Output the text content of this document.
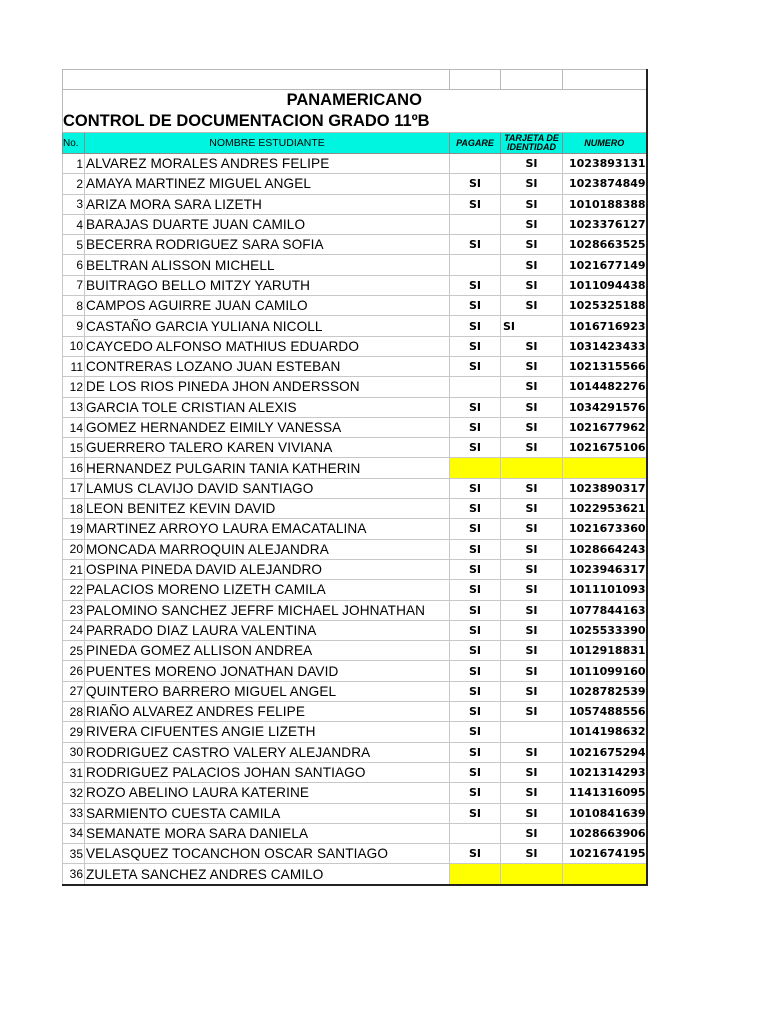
PANAMERICANO				
CONTROL DE DOCUMENTACION GRADO 11ºB				
No.	NOMBRE ESTUDIANTE	PAGARE	TARJETA DE IDENTIDAD	NUMERO
1	ALVAREZ MORALES ANDRES FELIPE		SI	1023893131
2	AMAYA MARTINEZ MIGUEL ANGEL	SI	SI	1023874849
3	ARIZA MORA SARA LIZETH	SI	SI	1010188388
4	BARAJAS DUARTE JUAN CAMILO		SI	1023376127
5	BECERRA RODRIGUEZ SARA SOFIA	SI	SI	1028663525
6	BELTRAN ALISSON MICHELL		SI	1021677149
7	BUITRAGO BELLO MITZY YARUTH	SI	SI	1011094438
8	CAMPOS AGUIRRE JUAN CAMILO	SI	SI	1025325188
9	CASTAÑO GARCIA YULIANA NICOLL	SI	SI	1016716923
10	CAYCEDO ALFONSO MATHIUS EDUARDO	SI	SI	1031423433
11	CONTRERAS LOZANO JUAN ESTEBAN	SI	SI	1021315566
12	DE LOS RIOS PINEDA JHON ANDERSSON		SI	1014482276
13	GARCIA TOLE CRISTIAN ALEXIS	SI	SI	1034291576
14	GOMEZ HERNANDEZ EIMILY VANESSA	SI	SI	1021677962
15	GUERRERO TALERO KAREN VIVIANA	SI	SI	1021675106
16	HERNANDEZ PULGARIN TANIA KATHERIN			
17	LAMUS CLAVIJO DAVID SANTIAGO	SI	SI	1023890317
18	LEON BENITEZ KEVIN DAVID	SI	SI	1022953621
19	MARTINEZ ARROYO LAURA EMACATALINA	SI	SI	1021673360
20	MONCADA MARROQUIN ALEJANDRA	SI	SI	1028664243
21	OSPINA PINEDA DAVID ALEJANDRO	SI	SI	1023946317
22	PALACIOS MORENO LIZETH CAMILA	SI	SI	1011101093
23	PALOMINO SANCHEZ JEFRF MICHAEL JOHNATHAN	SI	SI	1077844163
24	PARRADO DIAZ LAURA VALENTINA	SI	SI	1025533390
25	PINEDA GOMEZ ALLISON ANDREA	SI	SI	1012918831
26	PUENTES MORENO JONATHAN DAVID	SI	SI	1011099160
27	QUINTERO BARRERO MIGUEL ANGEL	SI	SI	1028782539
28	RIAÑO ALVAREZ ANDRES FELIPE	SI	SI	1057488556
29	RIVERA CIFUENTES ANGIE LIZETH	SI		1014198632
30	RODRIGUEZ CASTRO VALERY ALEJANDRA	SI	SI	1021675294
31	RODRIGUEZ PALACIOS JOHAN SANTIAGO	SI	SI	1021314293
32	ROZO ABELINO LAURA KATERINE	SI	SI	1141316095
33	SARMIENTO CUESTA CAMILA	SI	SI	1010841639
34	SEMANATE MORA SARA DANIELA		SI	1028663906
35	VELASQUEZ TOCANCHON OSCAR SANTIAGO	SI	SI	1021674195
36	ZULETA SANCHEZ ANDRES CAMILO			
